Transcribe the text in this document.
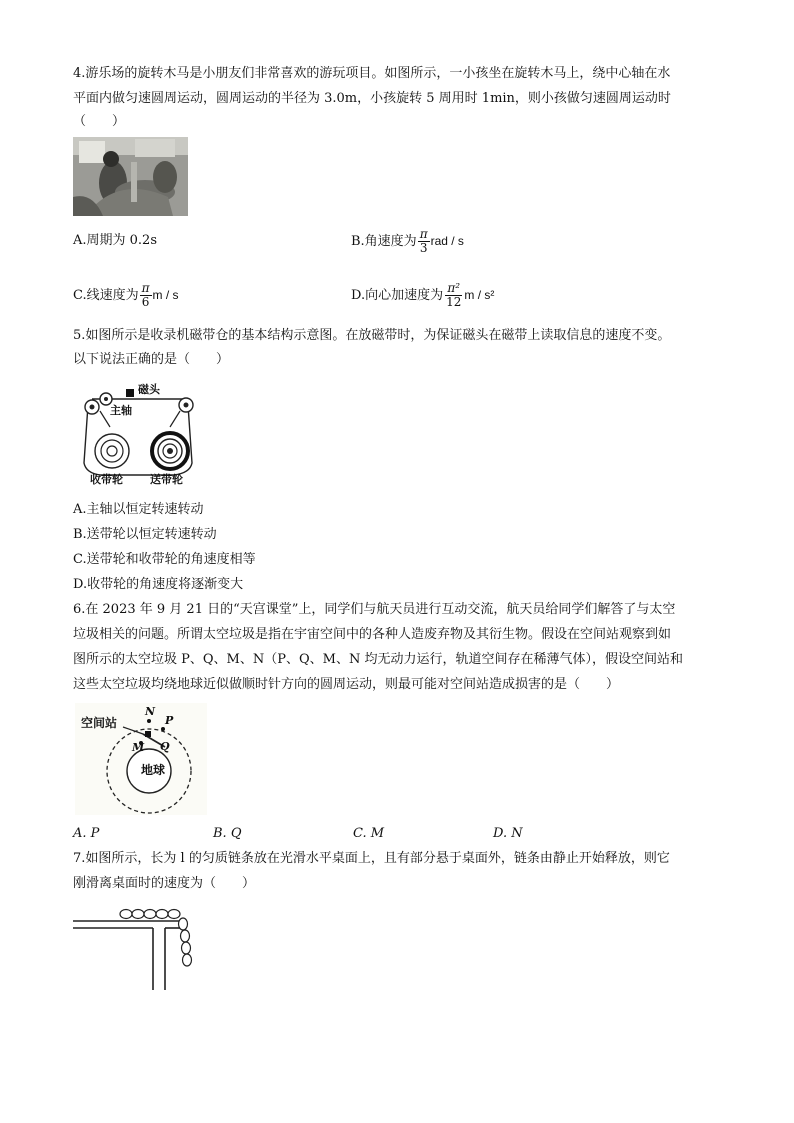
4.游乐场的旋转木马是小朋友们非常喜欢的游玩项目。如图所示，一小孩坐在旋转木马上，绕中心轴在水
平面内做匀速圆周运动，圆周运动的半径为 3.0m，小孩旋转 5 周用时 1min，则小孩做匀速圆周运动时
（　　）
A.周期为 0.2s	B.角速度为 $\frac{\pi}{3}$ rad / s
C.线速度为 $\frac{\pi}{6}$ m / s	D.向心加速度为 $\frac{\text{π²}}{12}$ m / s²
5.如图所示是收录机磁带仓的基本结构示意图。在放磁带时，为保证磁头在磁带上读取信息的速度不变。
以下说法正确的是（　　）
磁头
主轴
收带轮 送带轮
A.主轴以恒定转速转动
B.送带轮以恒定转速转动
C.送带轮和收带轮的角速度相等
D.收带轮的角速度将逐渐变大
6.在 2023 年 9 月 21 日的“天宫课堂”上，同学们与航天员进行互动交流，航天员给同学们解答了与太空
垃圾相关的问题。所谓太空垃圾是指在宇宙空间中的各种人造废弃物及其衍生物。假设在空间站观察到如
图所示的太空垃圾 P、Q、M、N（P、Q、M、N 均无动力运行，轨道空间存在稀薄气体），假设空间站和
这些太空垃圾均绕地球近似做顺时针方向的圆周运动，则最可能对空间站造成损害的是（　　）
空间站
地球
N
P
M Q
A. P	B. Q	C. M	D. N
7.如图所示，长为 l 的匀质链条放在光滑水平桌面上，且有部分悬于桌面外，链条由静止开始释放，则它
刚滑离桌面时的速度为（　　）
